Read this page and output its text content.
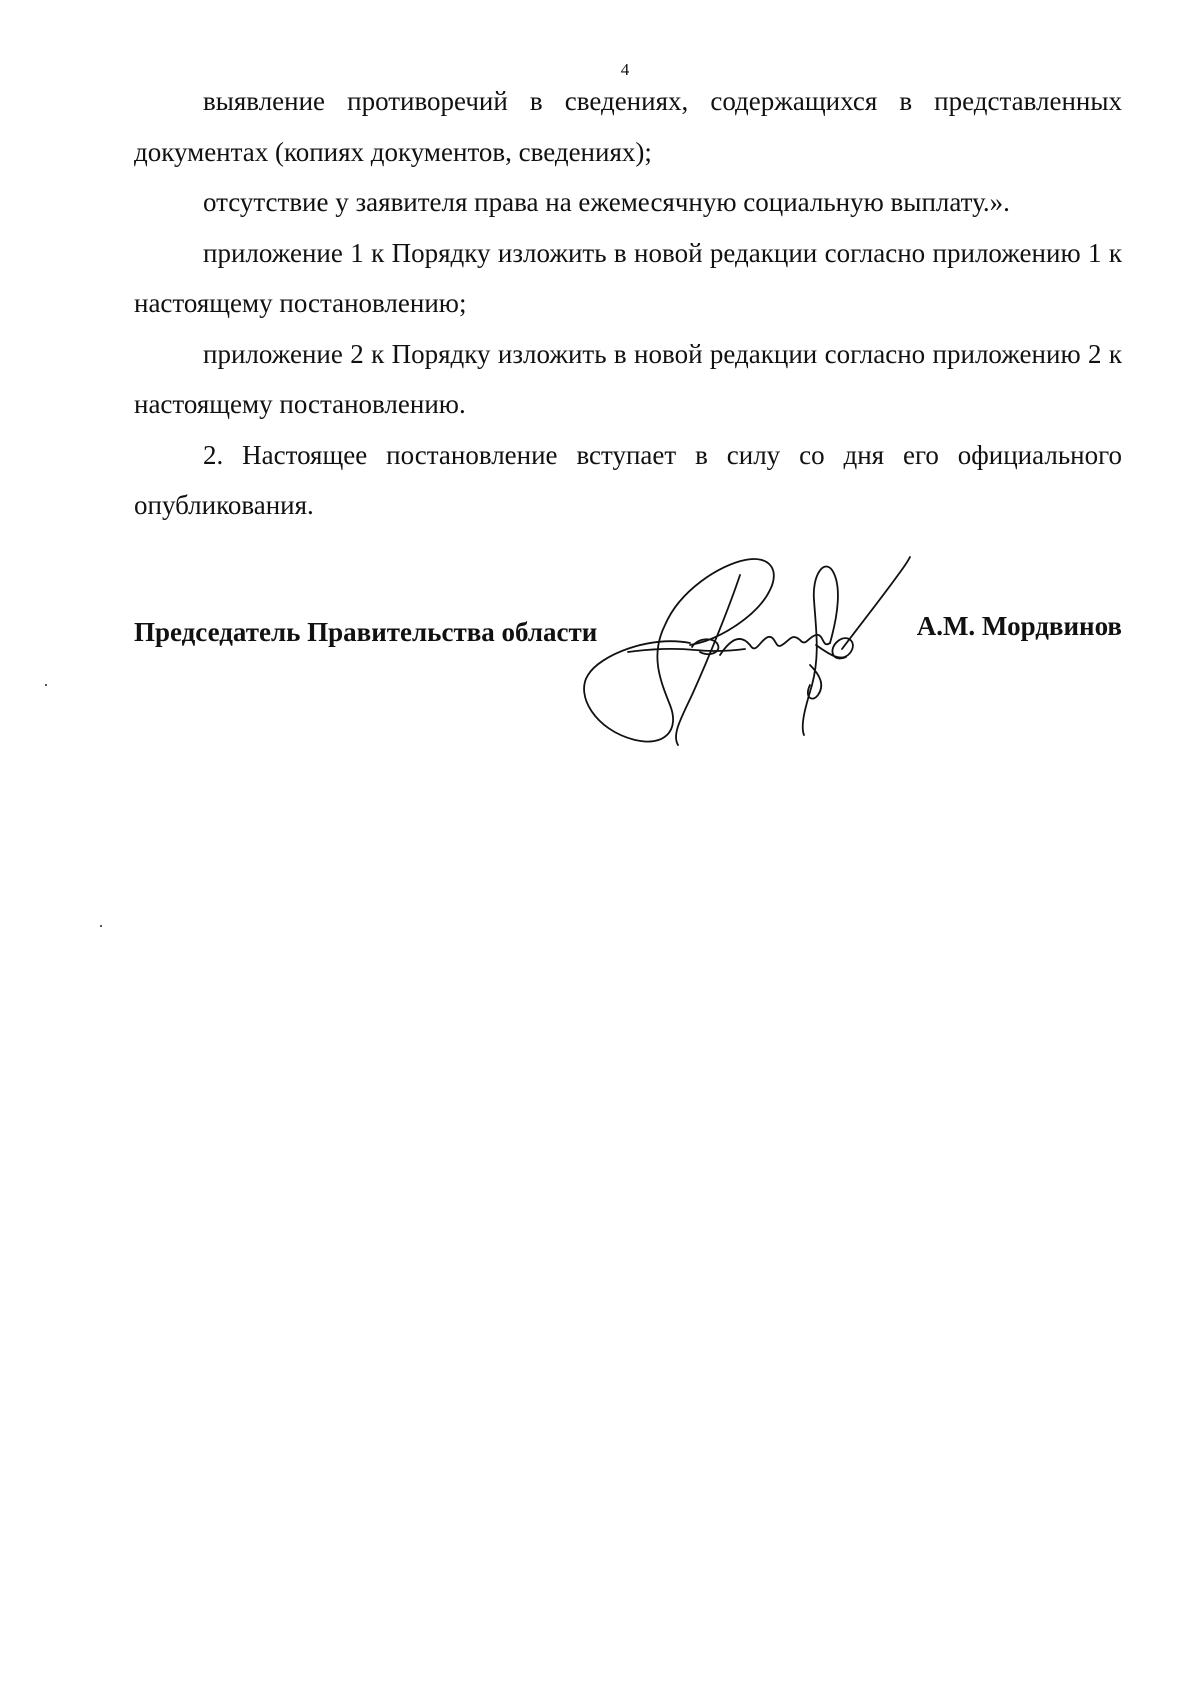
4

выявление противоречий в сведениях, содержащихся в представленных документах (копиях документов, сведениях);

отсутствие у заявителя права на ежемесячную социальную выплату.».

приложение 1 к Порядку изложить в новой редакции согласно приложению 1 к настоящему постановлению;

приложение 2 к Порядку изложить в новой редакции согласно приложению 2 к настоящему постановлению.

2. Настоящее постановление вступает в силу со дня его официального опубликования.

Председатель Правительства области	А.М. Мордвинов
